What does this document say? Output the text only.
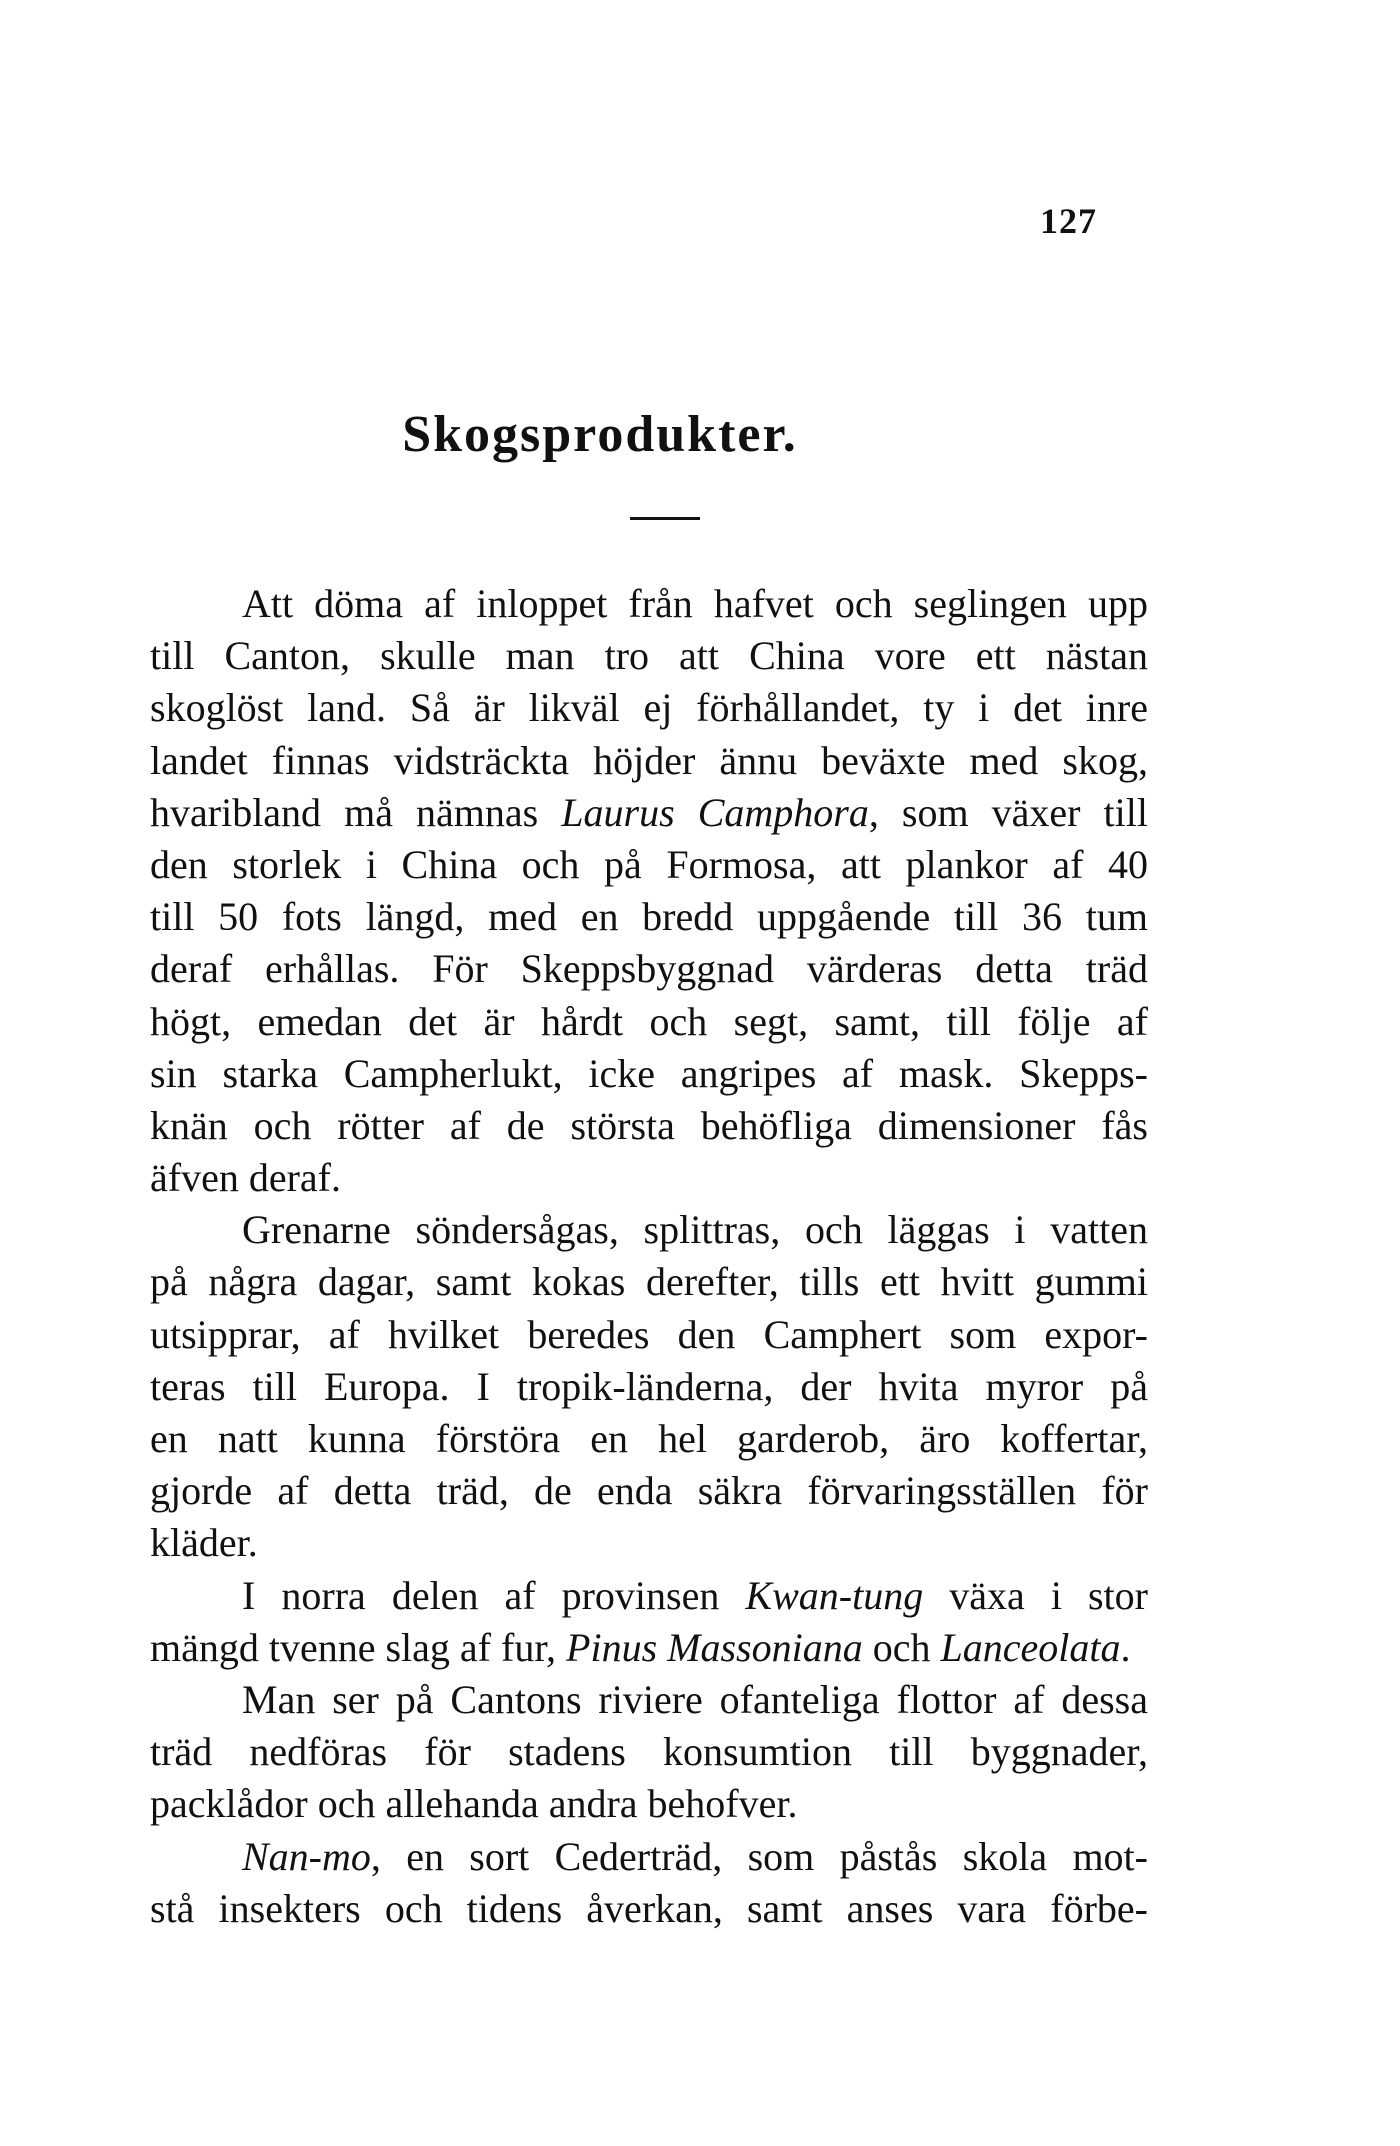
127
Skogsprodukter.
Att döma af inloppet från hafvet och seglingen upp
till Canton, skulle man tro att China vore ett nästan
skoglöst land. Så är likväl ej förhållandet, ty i det inre
landet finnas vidsträckta höjder ännu beväxte med skog,
hvaribland må nämnas Laurus Camphora, som växer till
den storlek i China och på Formosa, att plankor af 40
till 50 fots längd, med en bredd uppgående till 36 tum
deraf erhållas. För Skeppsbyggnad värderas detta träd
högt, emedan det är hårdt och segt, samt, till följe af
sin starka Campherlukt, icke angripes af mask. Skepps-
knän och rötter af de största behöfliga dimensioner fås
äfven deraf.
Grenarne söndersågas, splittras, och läggas i vatten
på några dagar, samt kokas derefter, tills ett hvitt gummi
utsipprar, af hvilket beredes den Camphert som expor-
teras till Europa. I tropik-länderna, der hvita myror på
en natt kunna förstöra en hel garderob, äro koffertar,
gjorde af detta träd, de enda säkra förvaringsställen för
kläder.
I norra delen af provinsen Kwan-tung växa i stor
mängd tvenne slag af fur, Pinus Massoniana och Lanceolata.
Man ser på Cantons riviere ofanteliga flottor af dessa
träd nedföras för stadens konsumtion till byggnader,
packlådor och allehanda andra behofver.
Nan-mo, en sort Cederträd, som påstås skola mot-
stå insekters och tidens åverkan, samt anses vara förbe-
